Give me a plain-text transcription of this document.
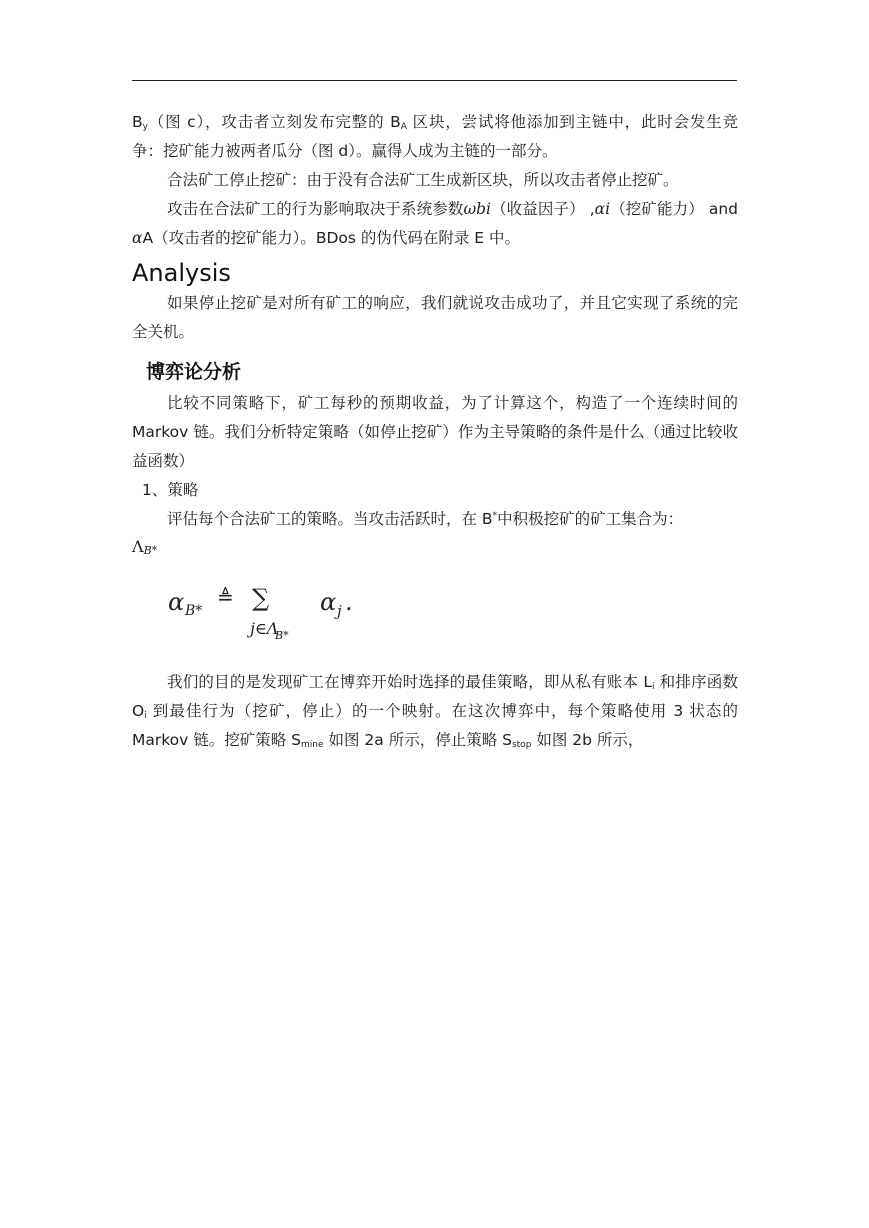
$B_y$（图 c），攻击者立刻发布完整的 $B_A$ 区块，尝试将他添加到主链中，此时会发生竞争：挖矿能力被两者瓜分（图 d）。赢得人成为主链的一部分。

合法矿工停止挖矿：由于没有合法矿工生成新区块，所以攻击者停止挖矿。

攻击在合法矿工的行为影响取决于系统参数ωbi（收益因子） ,αi（挖矿能力） and αA（攻击者的挖矿能力）。BDos 的伪代码在附录 E 中。

Analysis

如果停止挖矿是对所有矿工的响应，我们就说攻击成功了，并且它实现了系统的完全关机。

博弈论分析

比较不同策略下，矿工每秒的预期收益，为了计算这个，构造了一个连续时间的 Markov 链。我们分析特定策略（如停止挖矿）作为主导策略的条件是什么（通过比较收益函数）

1、策略

评估每个合法矿工的策略。当攻击活跃时，在 B*中积极挖矿的矿工集合为：

$\Lambda_{B*}$
α B*
≜ ∑
j∈Λ
B*
α j .

我们的目的是发现矿工在博弈开始时选择的最佳策略，即从私有账本 $L_i$ 和排序函数 $O_i$ 到最佳行为（挖矿，停止）的一个映射。在这次博弈中，每个策略使用 3 状态的 Markov 链。挖矿策略 $S_{mine}$ 如图 2a 所示，停止策略 $S_{stop}$ 如图 2b 所示，
